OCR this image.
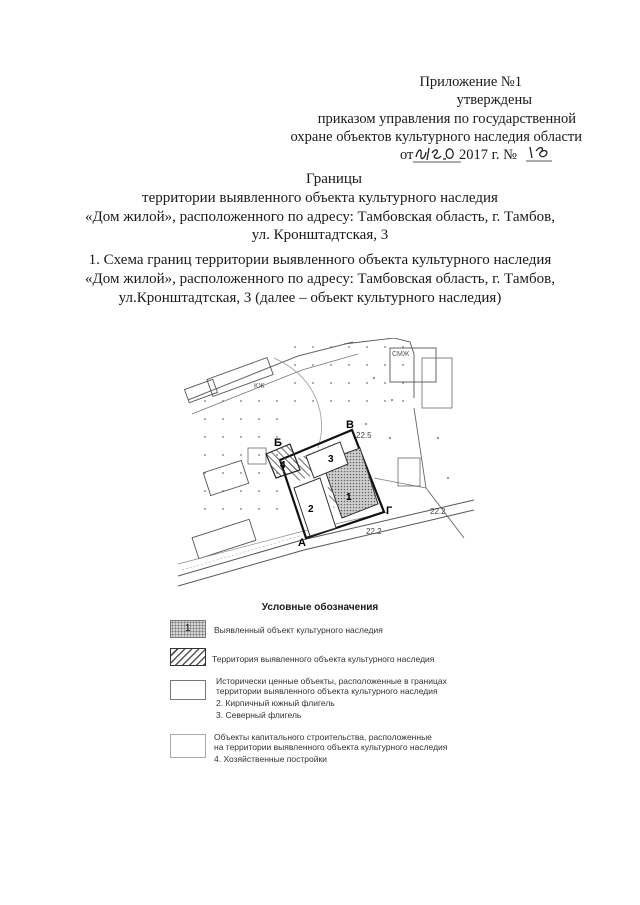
Приложение №1
утверждены
приказом управления по государственной
охране объектов культурного наследия области
от	2017 г. №
Границы
территории выявленного объекта культурного наследия
«Дом жилой», расположенного по адресу: Тамбовская область, г. Тамбов,
ул. Кронштадтская, 3
1. Схема границ территории выявленного объекта культурного наследия
«Дом жилой», расположенного по адресу: Тамбовская область, г. Тамбов,
ул.Кронштадтская, 3 (далее – объект культурного наследия)
В
Б
А
Г
1
2
3
4
22.5
22.2
22.2
КЖ
СМЖ
Условные обозначения
1	Выявленный объект культурного наследия
Территория выявленного объекта культурного наследия
Исторически ценные объекты, расположенные в границах
территории выявленного объекта культурного наследия
2. Кирпичный южный флигель
3. Северный флигель
Объекты капитального строительства, расположенные
на территории выявленного объекта культурного наследия
4. Хозяйственные постройки
